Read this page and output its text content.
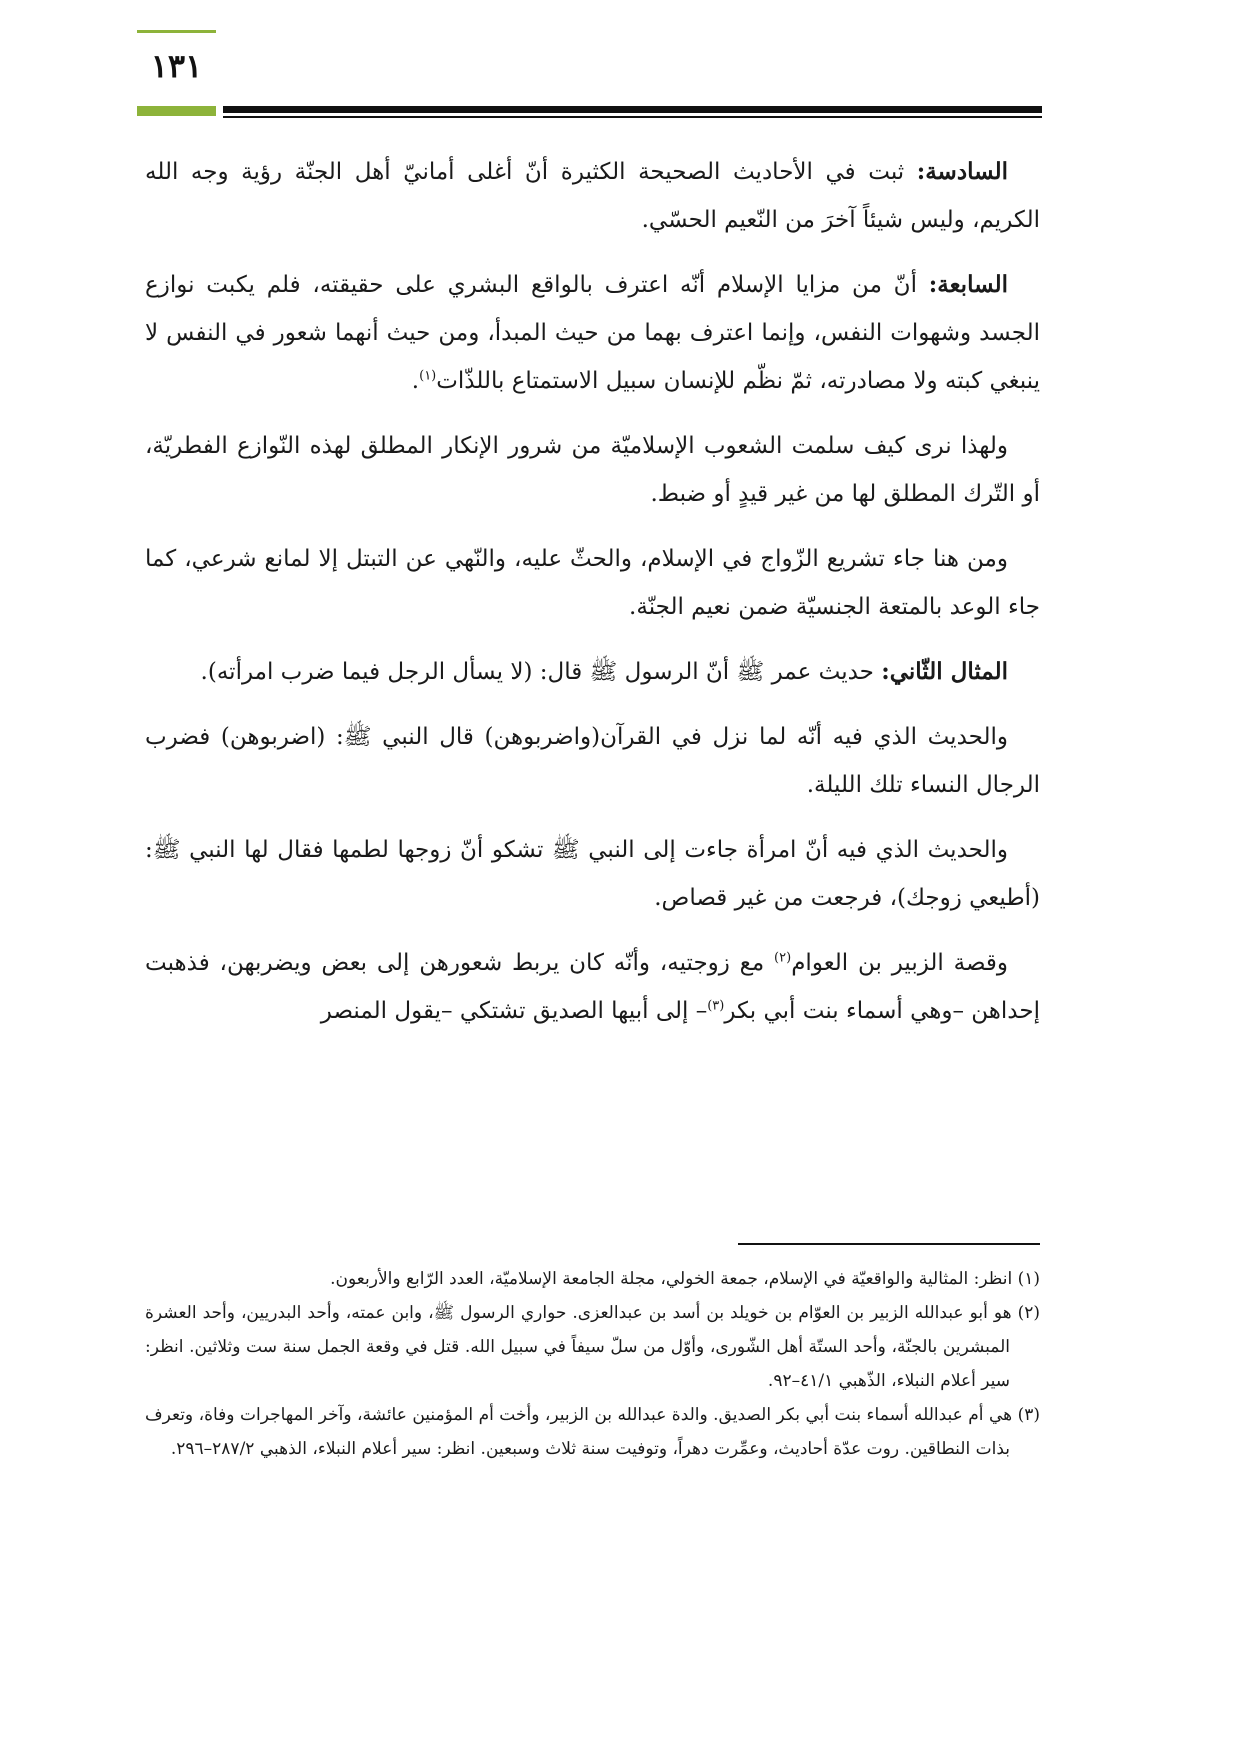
١٣١

السادسة: ثبت في الأحاديث الصحيحة الكثيرة أنّ أغلى أمانيّ أهل الجنّة رؤية وجه الله الكريم، وليس شيئاً آخرَ من النّعيم الحسّي.

السابعة: أنّ من مزايا الإسلام أنّه اعترف بالواقع البشري على حقيقته، فلم يكبت نوازع الجسد وشهوات النفس، وإنما اعترف بهما من حيث المبدأ، ومن حيث أنهما شعور في النفس لا ينبغي كبته ولا مصادرته، ثمّ نظّم للإنسان سبيل الاستمتاع باللذّات$^{(١)}$.

ولهذا نرى كيف سلمت الشعوب الإسلاميّة من شرور الإنكار المطلق لهذه النّوازع الفطريّة، أو التّرك المطلق لها من غير قيدٍ أو ضبط.

ومن هنا جاء تشريع الزّواج في الإسلام، والحثّ عليه، والنّهي عن التبتل إلا لمانع شرعي، كما جاء الوعد بالمتعة الجنسيّة ضمن نعيم الجنّة.

المثال الثّاني: حديث عمر ﷺ أنّ الرسول ﷺ قال: (لا يسأل الرجل فيما ضرب امرأته).

والحديث الذي فيه أنّه لما نزل في القرآن(واضربوهن) قال النبي ﷺ: (اضربوهن) فضرب الرجال النساء تلك الليلة.

والحديث الذي فيه أنّ امرأة جاءت إلى النبي ﷺ تشكو أنّ زوجها لطمها فقال لها النبي ﷺ: (أطيعي زوجك)، فرجعت من غير قصاص.

وقصة الزبير بن العوام$^{(٢)}$ مع زوجتيه، وأنّه كان يربط شعورهن إلى بعض ويضربهن، فذهبت إحداهن –وهي أسماء بنت أبي بكر$^{(٣)}$– إلى أبيها الصديق تشتكي –يقول المنصر

(١) انظر: المثالية والواقعيّة في الإسلام، جمعة الخولي، مجلة الجامعة الإسلاميّة، العدد الرّابع والأربعون.

(٢) هو أبو عبدالله الزبير بن العوّام بن خويلد بن أسد بن عبدالعزى. حواري الرسول ﷺ، وابن عمته، وأحد البدريين، وأحد العشرة المبشرين بالجنّة، وأحد الستّة أهل الشّورى، وأوّل من سلّ سيفاً في سبيل الله. قتل في وقعة الجمل سنة ست وثلاثين. انظر: سير أعلام النبلاء، الذّهبي ٤١/١–٩٢.

(٣) هي أم عبدالله أسماء بنت أبي بكر الصديق. والدة عبدالله بن الزبير، وأخت أم المؤمنين عائشة، وآخر المهاجرات وفاة، وتعرف بذات النطاقين. روت عدّة أحاديث، وعمِّرت دهراً، وتوفيت سنة ثلاث وسبعين. انظر: سير أعلام النبلاء، الذهبي ٢٨٧/٢–٢٩٦.
